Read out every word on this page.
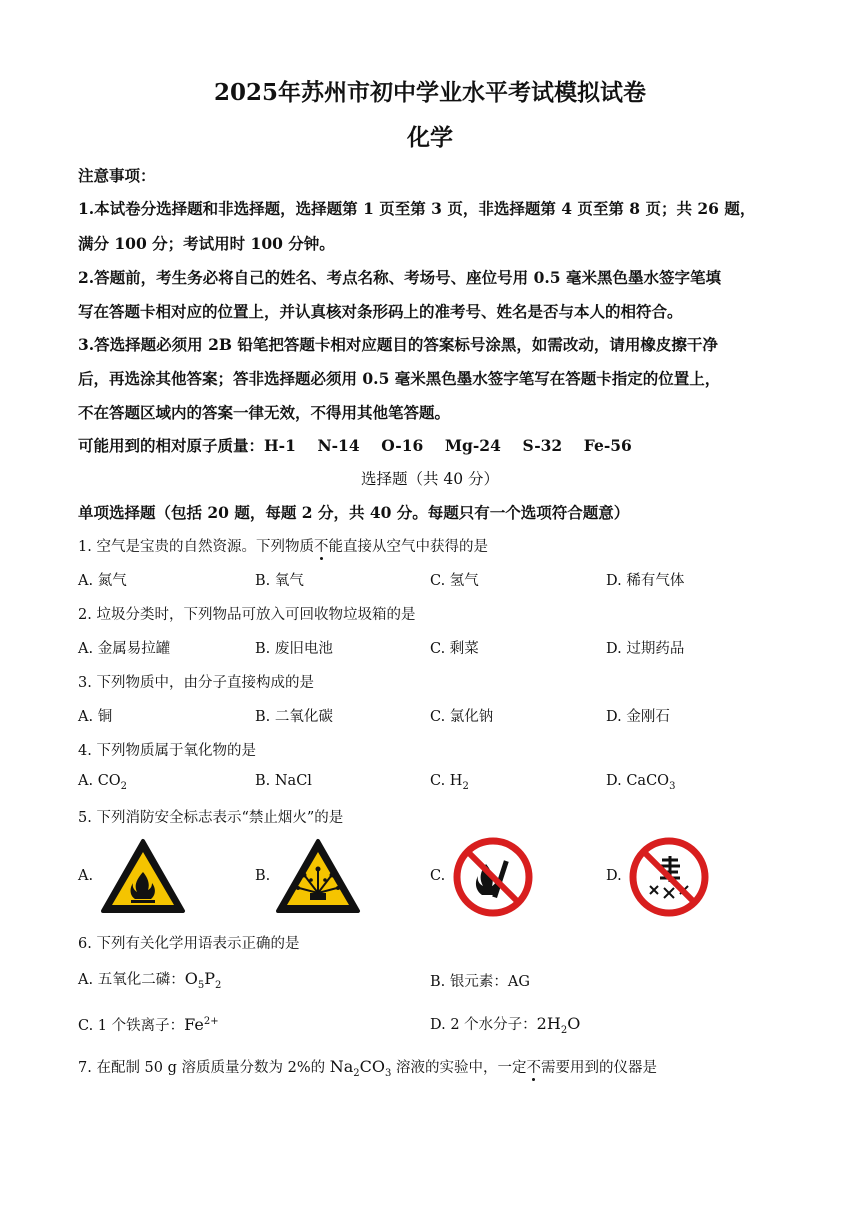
2025年苏州市初中学业水平考试模拟试卷
化学
注意事项：
1.本试卷分选择题和非选择题，选择题第 1 页至第 3 页，非选择题第 4 页至第 8 页；共 26 题，
满分 100 分；考试用时 100 分钟。
2.答题前，考生务必将自己的姓名、考点名称、考场号、座位号用 0.5 毫米黑色墨水签字笔填
写在答题卡相对应的位置上，并认真核对条形码上的准考号、姓名是否与本人的相符合。
3.答选择题必须用 2B 铅笔把答题卡相对应题目的答案标号涂黑，如需改动，请用橡皮擦干净
后，再选涂其他答案；答非选择题必须用 0.5 毫米黑色墨水签字笔写在答题卡指定的位置上，
不在答题区域内的答案一律无效，不得用其他笔答题。
可能用到的相对原子质量：H-1    N-14    O-16    Mg-24    S-32    Fe-56
选择题（共 40 分）
单项选择题（包括 20 题，每题 2 分，共 40 分。每题只有一个选项符合题意）
1. 空气是宝贵的自然资源。下列物质不能直接从空气中获得的是
A. 氮气	B. 氧气	C. 氢气	D. 稀有气体
2. 垃圾分类时，下列物品可放入可回收物垃圾箱的是
A. 金属易拉罐	B. 废旧电池	C. 剩菜	D. 过期药品
3. 下列物质中，由分子直接构成的是
A. 铜	B. 二氧化碳	C. 氯化钠	D. 金刚石
4. 下列物质属于氧化物的是
A. $CO_2$	B. NaCl	C. $H_2$	D. CaCO$_3$
5. 下列消防安全标志表示“禁止烟火”的是
A.	B.	C.	D.
6. 下列有关化学用语表示正确的是
A. 五氧化二磷：$O_5P_2$	B. 银元素：AG
C. 1 个铁离子：$Fe^{2+}$	D. 2 个水分子：$2H_2O$
7. 在配制 50 g 溶质质量分数为 2%的 $Na_2CO_3$ 溶液的实验中，一定不需要用到的仪器是
